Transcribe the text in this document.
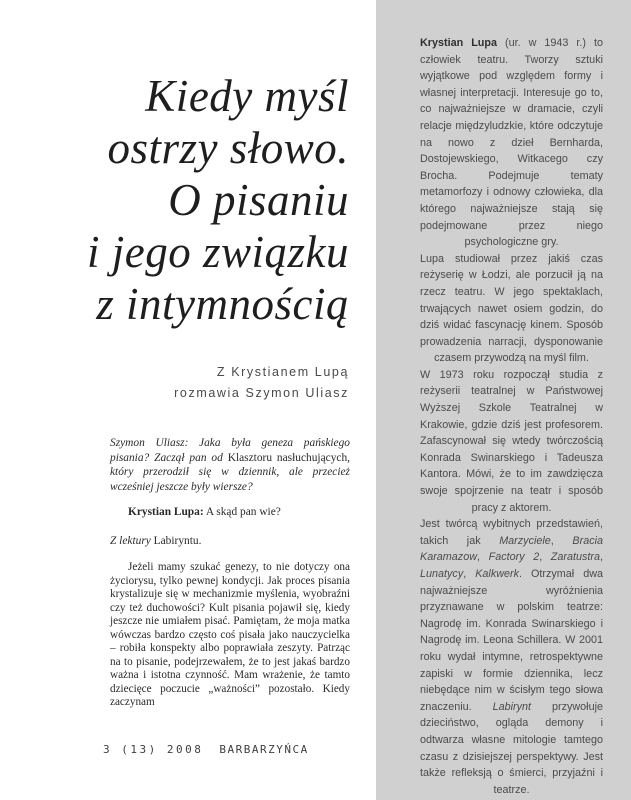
Kiedy myśl
ostrzy słowo.
O pisaniu
i jego związku
z intymnością
Z Krystianem Lupą
rozmawia Szymon Uliasz
Szymon Uliasz: Jaka była geneza pańskiego pisania? Zaczął pan od Klasztoru nasłuchujących, który przerodził się w dziennik, ale przecież wcześniej jeszcze były wiersze?
Krystian Lupa: A skąd pan wie?
Z lektury Labiryntu.
Jeżeli mamy szukać genezy, to nie dotyczy ona życiorysu, tylko pewnej kondycji. Jak proces pisania krystalizuje się w mechanizmie myślenia, wyobraźni czy też duchowości? Kult pisania pojawił się, kiedy jeszcze nie umiałem pisać. Pamiętam, że moja matka wówczas bardzo często coś pisała jako nauczycielka – robiła konspekty albo poprawiała zeszyty. Patrząc na to pisanie, podejrzewałem, że to jest jakaś bardzo ważna i istotna czynność. Mam wrażenie, że tamto dziecięce poczucie „ważności” pozostało. Kiedy zaczynam
3 (13) 2008 BARBARZYŃCA

Krystian Lupa (ur. w 1943 r.) to człowiek teatru. Tworzy sztuki wyjątkowe pod względem formy i własnej interpretacji. Interesuje go to, co najważniejsze w dramacie, czyli relacje międzyludzkie, które odczytuje na nowo z dzieł Bernharda, Dostojewskiego, Witkacego czy Brocha. Podejmuje tematy metamorfozy i odnowy człowieka, dla którego najważniejsze stają się podejmowane przez niego psychologiczne gry.

Lupa studiował przez jakiś czas reżyserię w Łodzi, ale porzucił ją na rzecz teatru. W jego spektaklach, trwających nawet osiem godzin, do dziś widać fascynację kinem. Sposób prowadzenia narracji, dysponowanie czasem przywodzą na myśl film.

W 1973 roku rozpoczął studia z reżyserii teatralnej w Państwowej Wyższej Szkole Teatralnej w Krakowie, gdzie dziś jest profesorem. Zafascynował się wtedy twórczością Konrada Swinarskiego i Tadeusza Kantora. Mówi, że to im zawdzięcza swoje spojrzenie na teatr i sposób pracy z aktorem.

Jest twórcą wybitnych przedstawień, takich jak Marzyciele, Bracia Karamazow, Factory 2, Zaratustra, Lunatycy, Kalkwerk. Otrzymał dwa najważniejsze wyróżnienia przyznawane w polskim teatrze: Nagrodę im. Konrada Swinarskiego i Nagrodę im. Leona Schillera. W 2001 roku wydał intymne, retrospektywne zapiski w formie dziennika, lecz niebędące nim w ścisłym tego słowa znaczeniu. Labirynt przywołuje dzieciństwo, ogląda demony i odtwarza własne mitologie tamtego czasu z dzisiejszej perspektywy. Jest także refleksją o śmierci, przyjaźni i teatrze.
